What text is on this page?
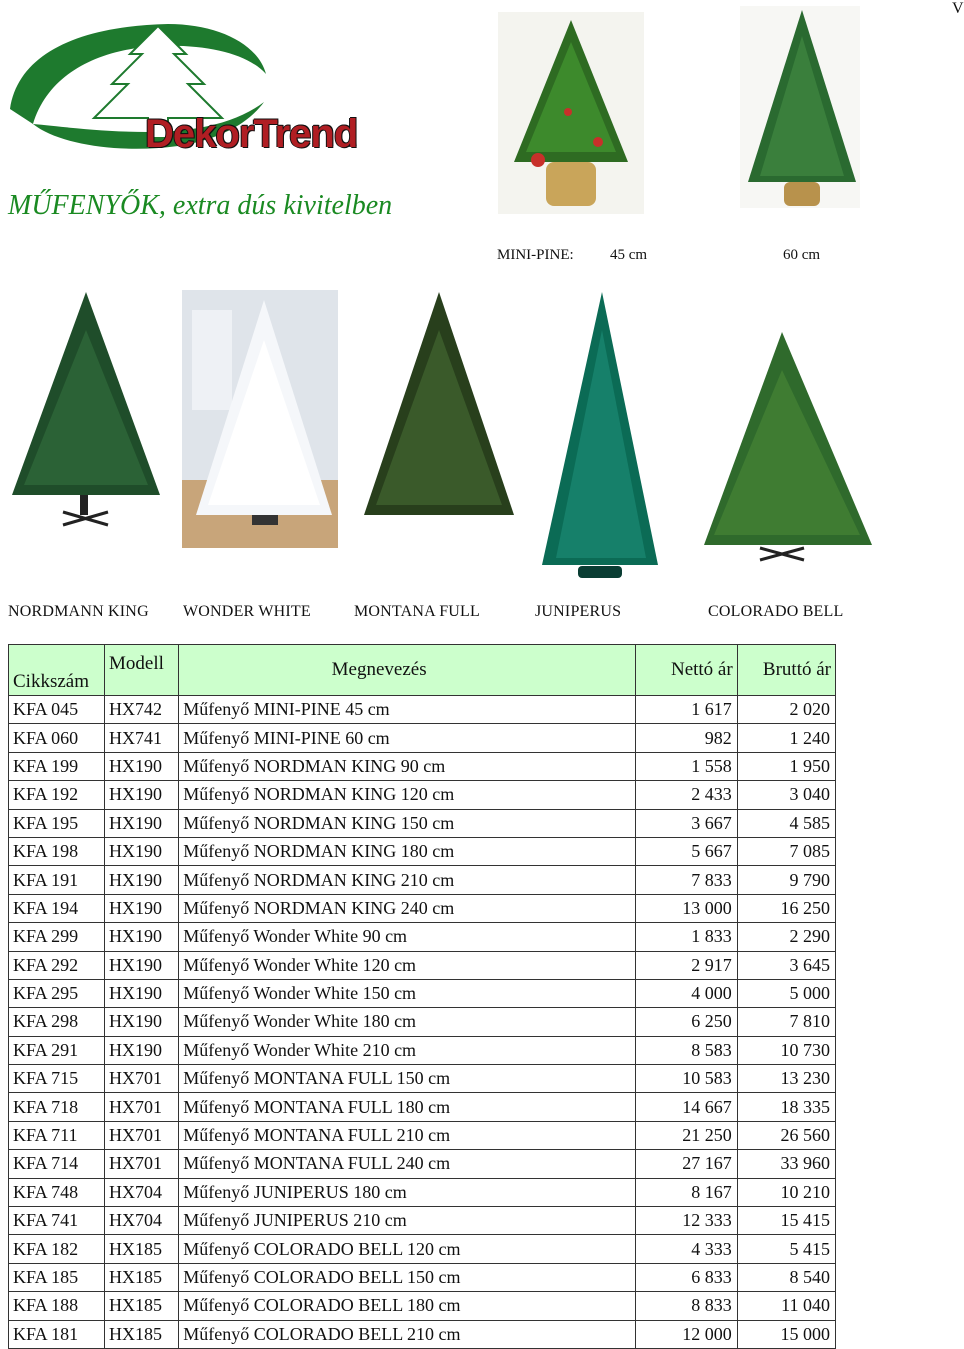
V
DekorTrend
MŰFENYŐK, extra dús kivitelben
MINI-PINE: 45 cm	60 cm
NORDMANN KING WONDER WHITE	MONTANA FULL	JUNIPERUS	COLORADO BELL
Cikkszám	Modell	Megnevezés	Nettó ár	Bruttó ár
KFA 045	HX742	Műfenyő MINI-PINE 45 cm	1 617	2 020
KFA 060	HX741	Műfenyő MINI-PINE 60 cm	982	1 240
KFA 199	HX190	Műfenyő NORDMAN KING 90 cm	1 558	1 950
KFA 192	HX190	Műfenyő NORDMAN KING 120 cm	2 433	3 040
KFA 195	HX190	Műfenyő NORDMAN KING 150 cm	3 667	4 585
KFA 198	HX190	Műfenyő NORDMAN KING 180 cm	5 667	7 085
KFA 191	HX190	Műfenyő NORDMAN KING 210 cm	7 833	9 790
KFA 194	HX190	Műfenyő NORDMAN KING 240 cm	13 000	16 250
KFA 299	HX190	Műfenyő Wonder White 90 cm	1 833	2 290
KFA 292	HX190	Műfenyő Wonder White 120 cm	2 917	3 645
KFA 295	HX190	Műfenyő Wonder White 150 cm	4 000	5 000
KFA 298	HX190	Műfenyő Wonder White 180 cm	6 250	7 810
KFA 291	HX190	Műfenyő Wonder White 210 cm	8 583	10 730
KFA 715	HX701	Műfenyő MONTANA FULL 150 cm	10 583	13 230
KFA 718	HX701	Műfenyő MONTANA FULL 180 cm	14 667	18 335
KFA 711	HX701	Műfenyő MONTANA FULL 210 cm	21 250	26 560
KFA 714	HX701	Műfenyő MONTANA FULL 240 cm	27 167	33 960
KFA 748	HX704	Műfenyő JUNIPERUS 180 cm	8 167	10 210
KFA 741	HX704	Műfenyő JUNIPERUS 210 cm	12 333	15 415
KFA 182	HX185	Műfenyő COLORADO BELL 120 cm	4 333	5 415
KFA 185	HX185	Műfenyő COLORADO BELL 150 cm	6 833	8 540
KFA 188	HX185	Műfenyő COLORADO BELL 180 cm	8 833	11 040
KFA 181	HX185	Műfenyő COLORADO BELL 210 cm	12 000	15 000
